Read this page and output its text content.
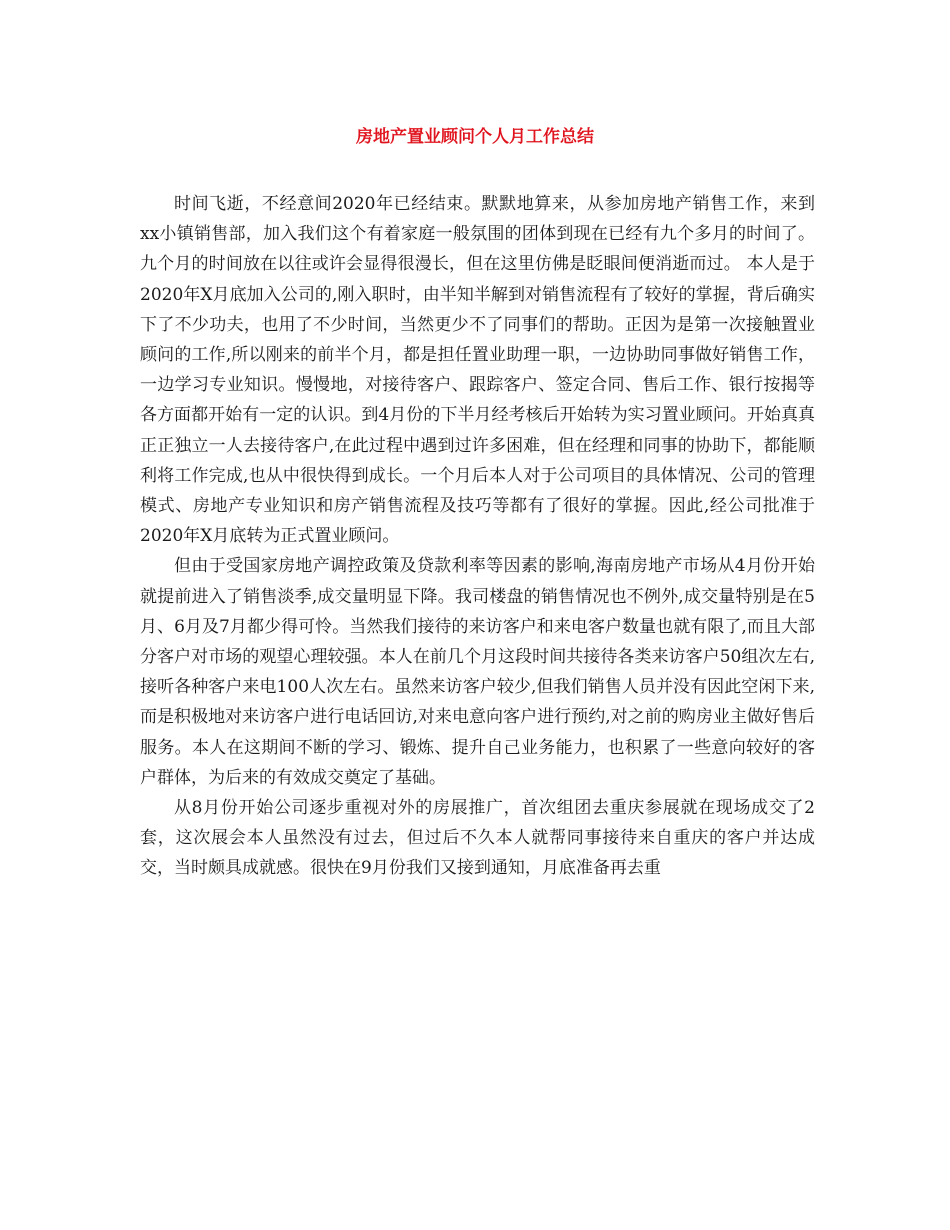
房地产置业顾问个人月工作总结

时间飞逝，不经意间2020年已经结束。默默地算来，从参加房地产销售工作，来到 xx小镇销售部，加入我们这个有着家庭一般氛围的团体到现在已经有九个多月的时间了。九个月的时间放在以往或许会显得很漫长，但在这里仿佛是眨眼间便消逝而过。 本人是于2020年X月底加入公司的,刚入职时，由半知半解到对销售流程有了较好的掌握，背后确实下了不少功夫，也用了不少时间，当然更少不了同事们的帮助。正因为是第一次接触置业顾问的工作,所以刚来的前半个月，都是担任置业助理一职，一边协助同事做好销售工作，一边学习专业知识。慢慢地，对接待客户、跟踪客户、签定合同、售后工作、银行按揭等各方面都开始有一定的认识。到4月份的下半月经考核后开始转为实习置业顾问。开始真真正正独立一人去接待客户,在此过程中遇到过许多困难，但在经理和同事的协助下，都能顺利将工作完成,也从中很快得到成长。一个月后本人对于公司项目的具体情况、公司的管理模式、房地产专业知识和房产销售流程及技巧等都有了很好的掌握。因此,经公司批准于2020年X月底转为正式置业顾问。

但由于受国家房地产调控政策及贷款利率等因素的影响,海南房地产市场从4月份开始就提前进入了销售淡季,成交量明显下降。我司楼盘的销售情况也不例外,成交量特别是在5月、6月及7月都少得可怜。当然我们接待的来访客户和来电客户数量也就有限了,而且大部分客户对市场的观望心理较强。本人在前几个月这段时间共接待各类来访客户50组次左右,接听各种客户来电100人次左右。虽然来访客户较少,但我们销售人员并没有因此空闲下来,而是积极地对来访客户进行电话回访,对来电意向客户进行预约,对之前的购房业主做好售后服务。本人在这期间不断的学习、锻炼、提升自己业务能力，也积累了一些意向较好的客户群体，为后来的有效成交奠定了基础。

从8月份开始公司逐步重视对外的房展推广，首次组团去重庆参展就在现场成交了2套，这次展会本人虽然没有过去，但过后不久本人就帮同事接待来自重庆的客户并达成交，当时颇具成就感。很快在9月份我们又接到通知，月底准备再去重
